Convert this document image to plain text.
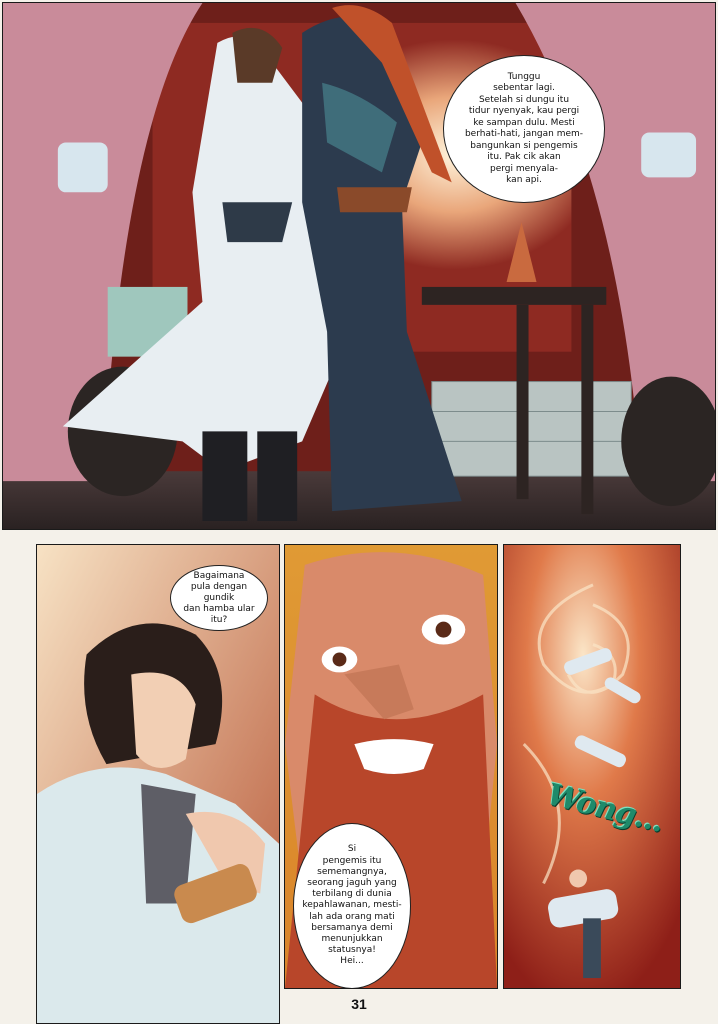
Tunggu
sebentar lagi.
Setelah si dungu itu
tidur nyenyak, kau pergi
ke sampan dulu. Mesti
berhati-hati, jangan mem-
bangunkan si pengemis
itu. Pak cik akan
pergi menyala-
kan api.
Bagaimana
pula dengan gundik
dan hamba ular
itu?
Si
pengemis itu
sememangnya,
seorang jaguh yang
terbilang di dunia
kepahlawanan, mesti-
lah ada orang mati
bersamanya demi
menunjukkan
statusnya!
Hei...
Wong...
31
